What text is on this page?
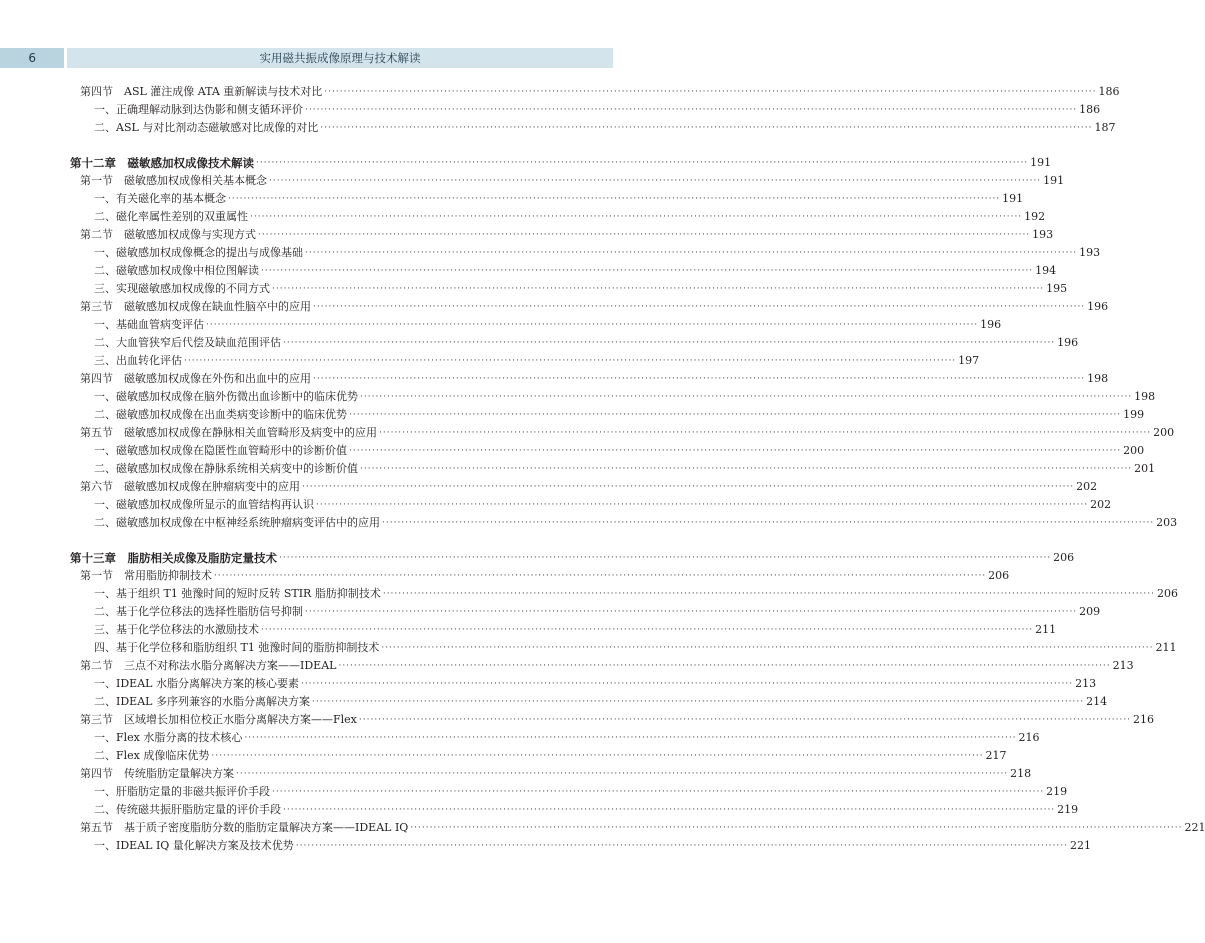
6	实用磁共振成像原理与技术解读
第四节　ASL 灌注成像 ATA 重新解读与技术对比 ········································································································································································································ 186
一、正确理解动脉到达伪影和侧支循环评价 ········································································································································································································ 186
二、ASL 与对比剂动态磁敏感对比成像的对比 ········································································································································································································ 187
第十二章　磁敏感加权成像技术解读 ········································································································································································································ 191
第一节　磁敏感加权成像相关基本概念 ········································································································································································································ 191
一、有关磁化率的基本概念 ········································································································································································································ 191
二、磁化率属性差别的双重属性 ········································································································································································································ 192
第二节　磁敏感加权成像与实现方式 ········································································································································································································ 193
一、磁敏感加权成像概念的提出与成像基础 ········································································································································································································ 193
二、磁敏感加权成像中相位图解读 ········································································································································································································ 194
三、实现磁敏感加权成像的不同方式 ········································································································································································································ 195
第三节　磁敏感加权成像在缺血性脑卒中的应用 ········································································································································································································ 196
一、基础血管病变评估 ········································································································································································································ 196
二、大血管狭窄后代偿及缺血范围评估 ········································································································································································································ 196
三、出血转化评估 ········································································································································································································ 197
第四节　磁敏感加权成像在外伤和出血中的应用 ········································································································································································································ 198
一、磁敏感加权成像在脑外伤微出血诊断中的临床优势 ········································································································································································································ 198
二、磁敏感加权成像在出血类病变诊断中的临床优势 ········································································································································································································ 199
第五节　磁敏感加权成像在静脉相关血管畸形及病变中的应用 ········································································································································································································ 200
一、磁敏感加权成像在隐匿性血管畸形中的诊断价值 ········································································································································································································ 200
二、磁敏感加权成像在静脉系统相关病变中的诊断价值 ········································································································································································································ 201
第六节　磁敏感加权成像在肿瘤病变中的应用 ········································································································································································································ 202
一、磁敏感加权成像所显示的血管结构再认识 ········································································································································································································ 202
二、磁敏感加权成像在中枢神经系统肿瘤病变评估中的应用 ········································································································································································································ 203
第十三章　脂肪相关成像及脂肪定量技术 ········································································································································································································ 206
第一节　常用脂肪抑制技术 ········································································································································································································ 206
一、基于组织 T1 弛豫时间的短时反转 STIR 脂肪抑制技术 ········································································································································································································ 206
二、基于化学位移法的选择性脂肪信号抑制 ········································································································································································································ 209
三、基于化学位移法的水激励技术 ········································································································································································································ 211
四、基于化学位移和脂肪组织 T1 弛豫时间的脂肪抑制技术 ········································································································································································································ 211
第二节　三点不对称法水脂分离解决方案——IDEAL ········································································································································································································ 213
一、IDEAL 水脂分离解决方案的核心要素 ········································································································································································································ 213
二、IDEAL 多序列兼容的水脂分离解决方案 ········································································································································································································ 214
第三节　区域增长加相位校正水脂分离解决方案——Flex ········································································································································································································ 216
一、Flex 水脂分离的技术核心 ········································································································································································································ 216
二、Flex 成像临床优势 ········································································································································································································ 217
第四节　传统脂肪定量解决方案 ········································································································································································································ 218
一、肝脂肪定量的非磁共振评价手段 ········································································································································································································ 219
二、传统磁共振肝脂肪定量的评价手段 ········································································································································································································ 219
第五节　基于质子密度脂肪分数的脂肪定量解决方案——IDEAL IQ ········································································································································································································ 221
一、IDEAL IQ 量化解决方案及技术优势 ········································································································································································································ 221
